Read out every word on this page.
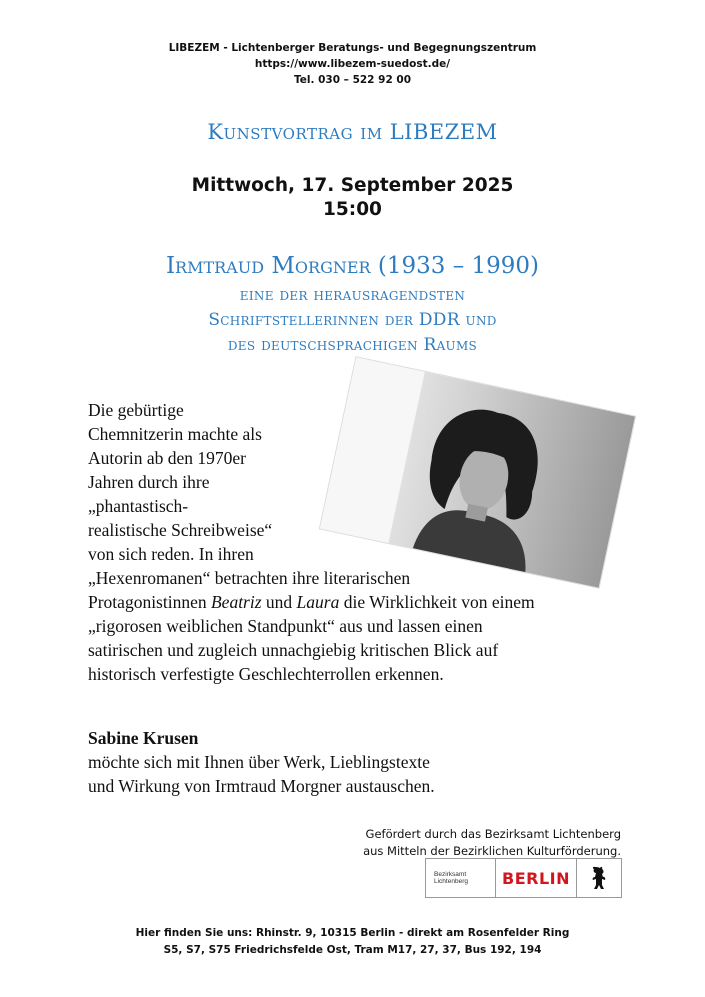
LIBEZEM - Lichtenberger Beratungs- und Begegnungszentrum
https://www.libezem-suedost.de/
Tel. 030 – 522 92 00
Kunstvortrag im LIBEZEM
Mittwoch, 17. September 2025
15:00
Irmtraud Morgner (1933 – 1990)
eine der herausragendsten
Schriftstellerinnen der DDR und
des deutschsprachigen Raums
Die gebürtige
Chemnitzerin machte als
Autorin ab den 1970er
Jahren durch ihre
„phantastisch-
realistische Schreibweise“
von sich reden. In ihren
„Hexenromanen“ betrachten ihre literarischen
Protagonistinnen Beatriz und Laura die Wirklichkeit von einem
„rigorosen weiblichen Standpunkt“ aus und lassen einen
satirischen und zugleich unnachgiebig kritischen Blick auf
historisch verfestigte Geschlechterrollen erkennen.
Sabine Krusen
möchte sich mit Ihnen über Werk, Lieblingstexte
und Wirkung von Irmtraud Morgner austauschen.
Gefördert durch das Bezirksamt Lichtenberg
aus Mitteln der Bezirklichen Kulturförderung.
Bezirksamt
Lichtenberg	BERLIN
Hier finden Sie uns: Rhinstr. 9, 10315 Berlin - direkt am Rosenfelder Ring
S5, S7, S75 Friedrichsfelde Ost, Tram M17, 27, 37, Bus 192, 194
